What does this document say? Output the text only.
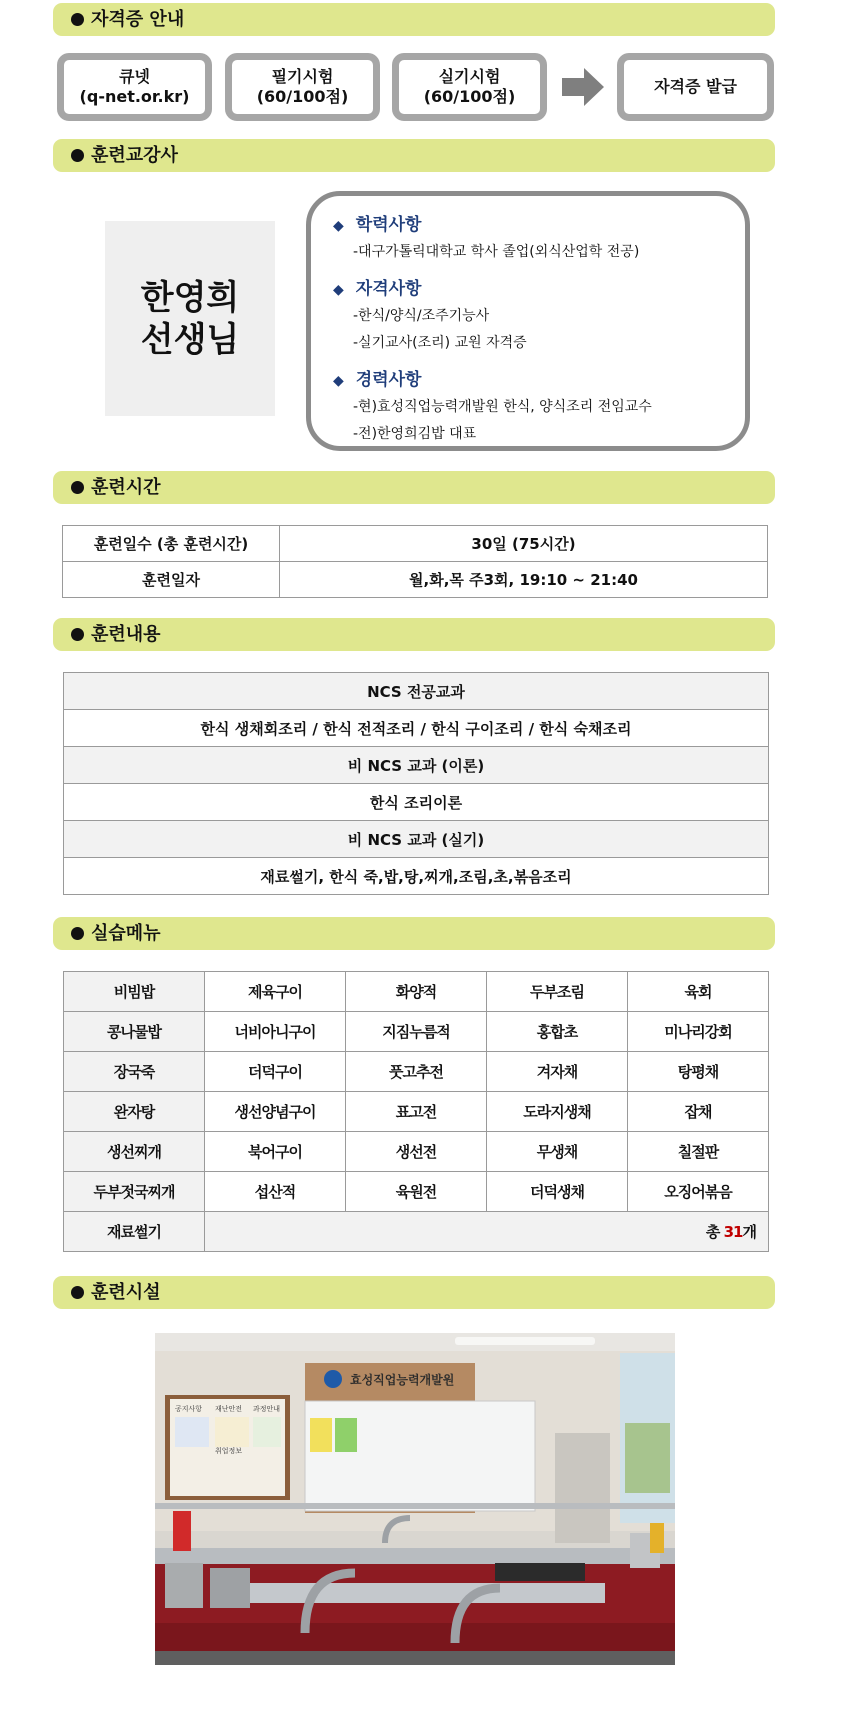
자격증 안내
큐넷
(q-net.or.kr)
필기시험
(60/100점)
실기시험
(60/100점)
자격증 발급
훈련교강사
한영희
선생님
◆ 학력사항
-대구가톨릭대학교 학사 졸업(외식산업학 전공)
◆ 자격사항
-한식/양식/조주기능사
-실기교사(조리) 교원 자격증
◆ 경력사항
-현)효성직업능력개발원 한식, 양식조리 전임교수
-전)한영희김밥 대표
훈련시간
훈련일수 (총 훈련시간)	30일 (75시간)
훈련일자	월,화,목 주3회, 19:10 ~ 21:40
훈련내용
NCS 전공교과
한식 생채회조리 / 한식 전적조리 / 한식 구이조리 / 한식 숙채조리
비 NCS 교과 (이론)
한식 조리이론
비 NCS 교과 (실기)
재료썰기, 한식 죽,밥,탕,찌개,조림,초,볶음조리
실습메뉴
비빔밥	제육구이	화양적	두부조림	육회
콩나물밥	너비아니구이	지짐누름적	홍합초	미나리강회
장국죽	더덕구이	풋고추전	겨자채	탕평채
완자탕	생선양념구이	표고전	도라지생채	잡채
생선찌개	북어구이	생선전	무생채	칠절판
두부젓국찌개	섭산적	육원전	더덕생채	오징어볶음
재료썰기	총 31개			
훈련시설
효성직업능력개발원
공지사항 재난안전 과정안내
취업정보
